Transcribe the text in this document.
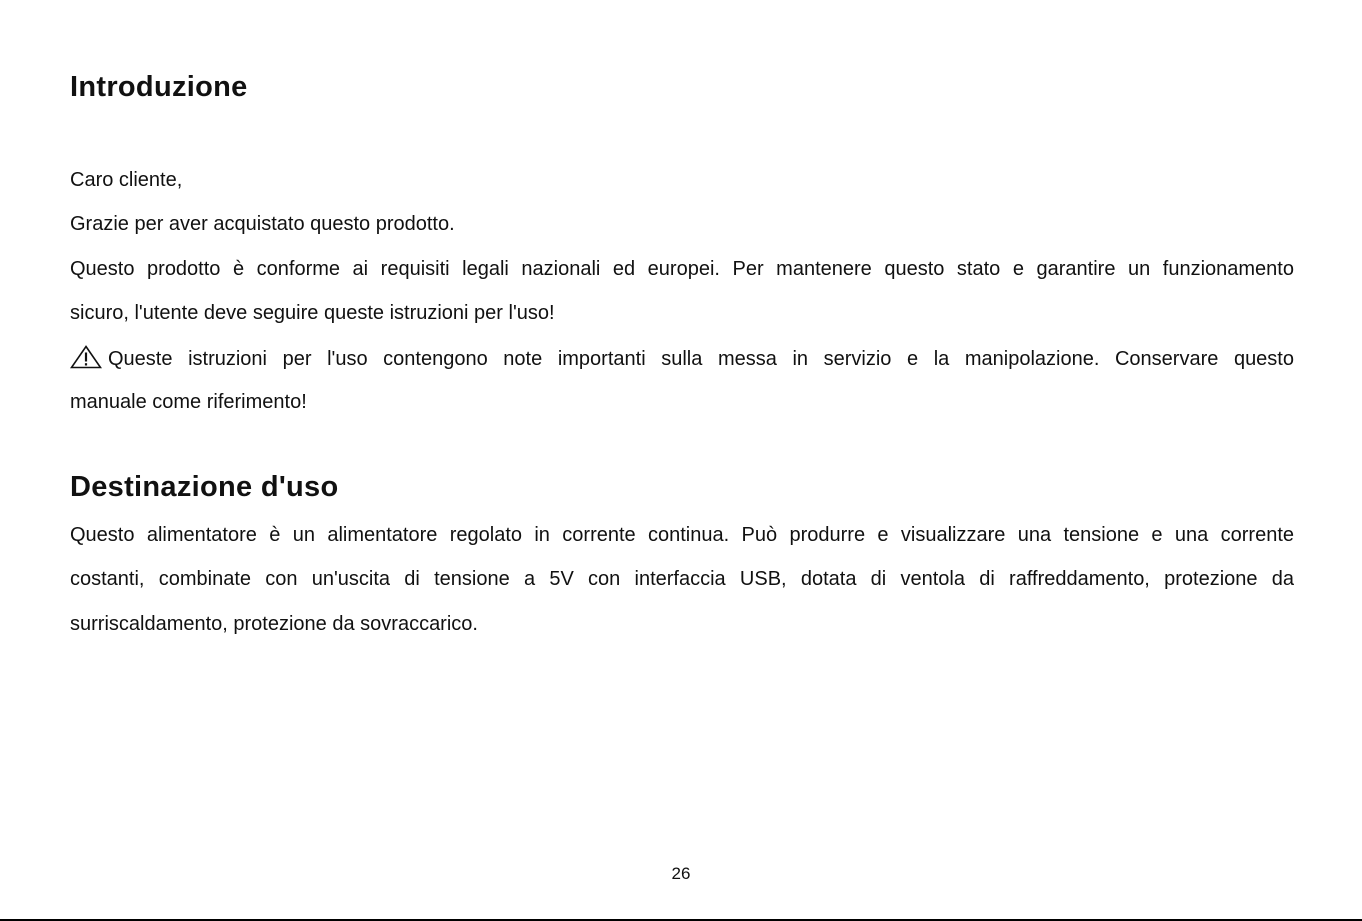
Introduzione

Caro cliente,

Grazie per aver acquistato questo prodotto.

Questo prodotto è conforme ai requisiti legali nazionali ed europei. Per mantenere questo stato e garantire un funzionamento

sicuro, l'utente deve seguire queste istruzioni per l'uso!

Queste istruzioni per l'uso contengono note importanti sulla messa in servizio e la manipolazione. Conservare questo

manuale come riferimento!

Destinazione d'uso

Questo alimentatore è un alimentatore regolato in corrente continua. Può produrre e visualizzare una tensione e una corrente

costanti, combinate con un'uscita di tensione a 5V con interfaccia USB, dotata di ventola di raffreddamento, protezione da

surriscaldamento, protezione da sovraccarico.

26
